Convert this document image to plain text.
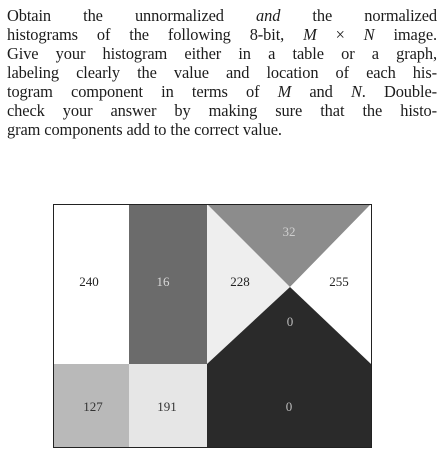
Obtain the unnormalized and the normalized
histograms of the following 8-bit, M × N image.
Give your histogram either in a table or a graph,
labeling clearly the value and location of each his-
togram component in terms of M and N. Double-
check your answer by making sure that the histo-
gram components add to the correct value.
240	16
32
228	255
0
127	191	0
